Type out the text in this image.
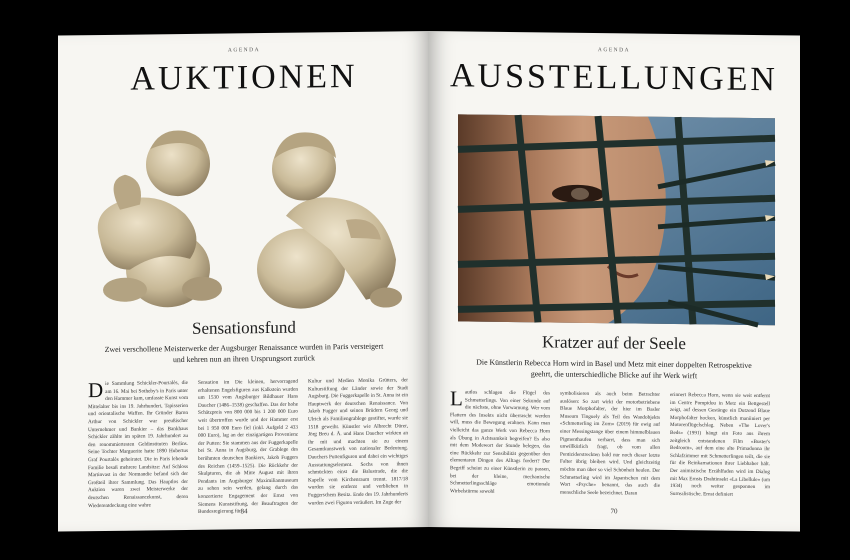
AGENDA
AUKTIONEN
Sensationsfund
Zwei verschollene Meisterwerke der Augsburger Renaissance wurden in Paris versteigert und kehren nun an ihren Ursprungsort zurück
Die Sammlung Schickler-Pourtalès, die am 16. Mai bei Sotheby's in Paris unter den Hammer kam, umfasste Kunst vom Mittelalter bis ins 19. Jahrhundert, Tapisserien und orientalische Waffen. Ihr Gründer Baron Arthur von Schickler war preußischer Unternehmer und Bankier – das Bankhaus Schickler zählte im späten 19. Jahrhundert zu den renommiertesten Geldinstituten Berlins. Seine Tochter Marguerite hatte 1890 Hubertus Graf Pourtalès geheiratet. Die in Paris lebende Familie besaß mehrere Landsitze: Auf Schloss Martinvast in der Normandie befand sich der Großteil ihrer Sammlung. Das Hauptlos der Auktion waren zwei Meisterwerke der deutschen Renaissancekunst, deren Wiederentdeckung eine wahre
Sensation im Die kleinen, hervorragend erhaltenen Engelsfiguren aus Kalkstein wurden um 1530 vom Augsburger Bildhauer Hans Daucher (1486–1538) geschaffen. Das der hohe Schätzpreis von 800 000 bis 1 200 000 Euro weit übertroffen wurde und der Hammer erst bei 1 950 000 Euro fiel (inkl. Aufgeld 2 433 000 Euro), lag an der einzigartigen Provenienz der Putten: Sie stammen aus der Fuggerkapelle bei St. Anna in Augsburg, der Grablege des berühmten deutschen Bankiers, Jakob Fuggers des Reichen (1459–1525). Die Rückkehr der Skulpturen, die ab Mitte August mit ihren Pendants im Augsburger Maximilianmuseum zu sehen sein werden, gelang durch das konzertierte Engagement der Ernst von Siemens Kunststiftung, der Beauftragten der Bundesregierung für
Kultur und Medien Monika Grütters, der Kulturstiftung der Länder sowie der Stadt Augsburg. Die Fuggerkapelle in St. Anna ist ein Hauptwerk der deutschen Renaissance. Von Jakob Fugger und seinen Brüdern Georg und Ulrich als Familiengrablege gestiftet, wurde sie 1518 geweiht. Künstler wie Albrecht Dürer, Jörg Breu d. Ä. und Hans Daucher wirkten an ihr mit und machten sie zu einem Gesamtkunstwerk von nationaler Bedeutung. Dauchers Puttenfiguren und dabei ein wichtiges Ausstattungselement. Sechs von ihnen schmückten einst die Balustrade, die die Kapelle vom Kirchenraum trennt. 1817/18 wurden sie entfernt und verblieben in Fuggerschem Besitz. Ende des 19. Jahrhunderts wurden zwei Figuren veräußert. Im Zuge der
84
AGENDA
AUSSTELLUNGEN
Kratzer auf der Seele
Die Künstlerin Rebecca Horn wird in Basel und Metz mit einer doppelten Retrospektive geehrt, die unterschiedliche Blicke auf ihr Werk wirft
Lautlos schlagen die Flügel des Schmetterlings. Von einer Sekunde auf die nächste, ohne Vorwarnung. Wer vom Flattern des Insekts nicht überrascht werden will, muss die Bewegung erahnen. Kann man vielleicht das ganze Werk von Rebecca Horn als Übung in Achtsamkeit begreifen? Es also mit dem Modewort der Stunde belegen, das eine Rückkehr zur Sensibilität gegenüber den elementaren Dingen des Alltags fordert? Der Begriff scheint zu einer Künstlerin zu passen, bei der kleine, mechanische Schmetterlingsschläge emotionale Wirbelstürme sowohl
symbolisieren als auch beim Betrachter auslösen: So zart wirkt der motorbetriebene Blaue Morphofalter, der hier im Basler Museum Tinguely als Teil des Wandobjekts «Schmetterling im Zorn» (2019) für ewig auf einer Messingstange über einem himmelblauen Pigmenthaufen verharrt, dass man sich unwillkürlich fragt, ob vom allen Pentiziderstreckten bald nur noch dieser letzte Falter übrig bleiben wird. Und gleichzeitig möchte man über so viel Schönheit heulen. Der Schmetterling wird im Japanischen mit dem Wort «Psyche» benannt, das auch die menschliche Seele bezeichnet. Daran
erinnert Rebecca Horn, wenn sie weit entfernt im Centre Pompidou in Metz ein Bettgestell zeigt, auf dessen Gestänge ein Dutzend Blaue Morphofalter hocken, künstlich maniiniert per Motorenflügelschlag. Neben «The Lover's Beds» (1991) hängt ein Foto aus ihrem zeitgleich entstandenen Film «Buster's Bedroom», auf dem eine alte Primadonna ihr Schlafzimmer mit Schmetterlingen teilt, die sie für die Reinkarnationen ihrer Liebhaber hält. Der animistische Erzählfaden wird im Dialog mit Max Ernsts Drahtinsekt «La Libellule» (um 1934) noch weiter gesponnen im Surrealistische. Ernst definiert
70
